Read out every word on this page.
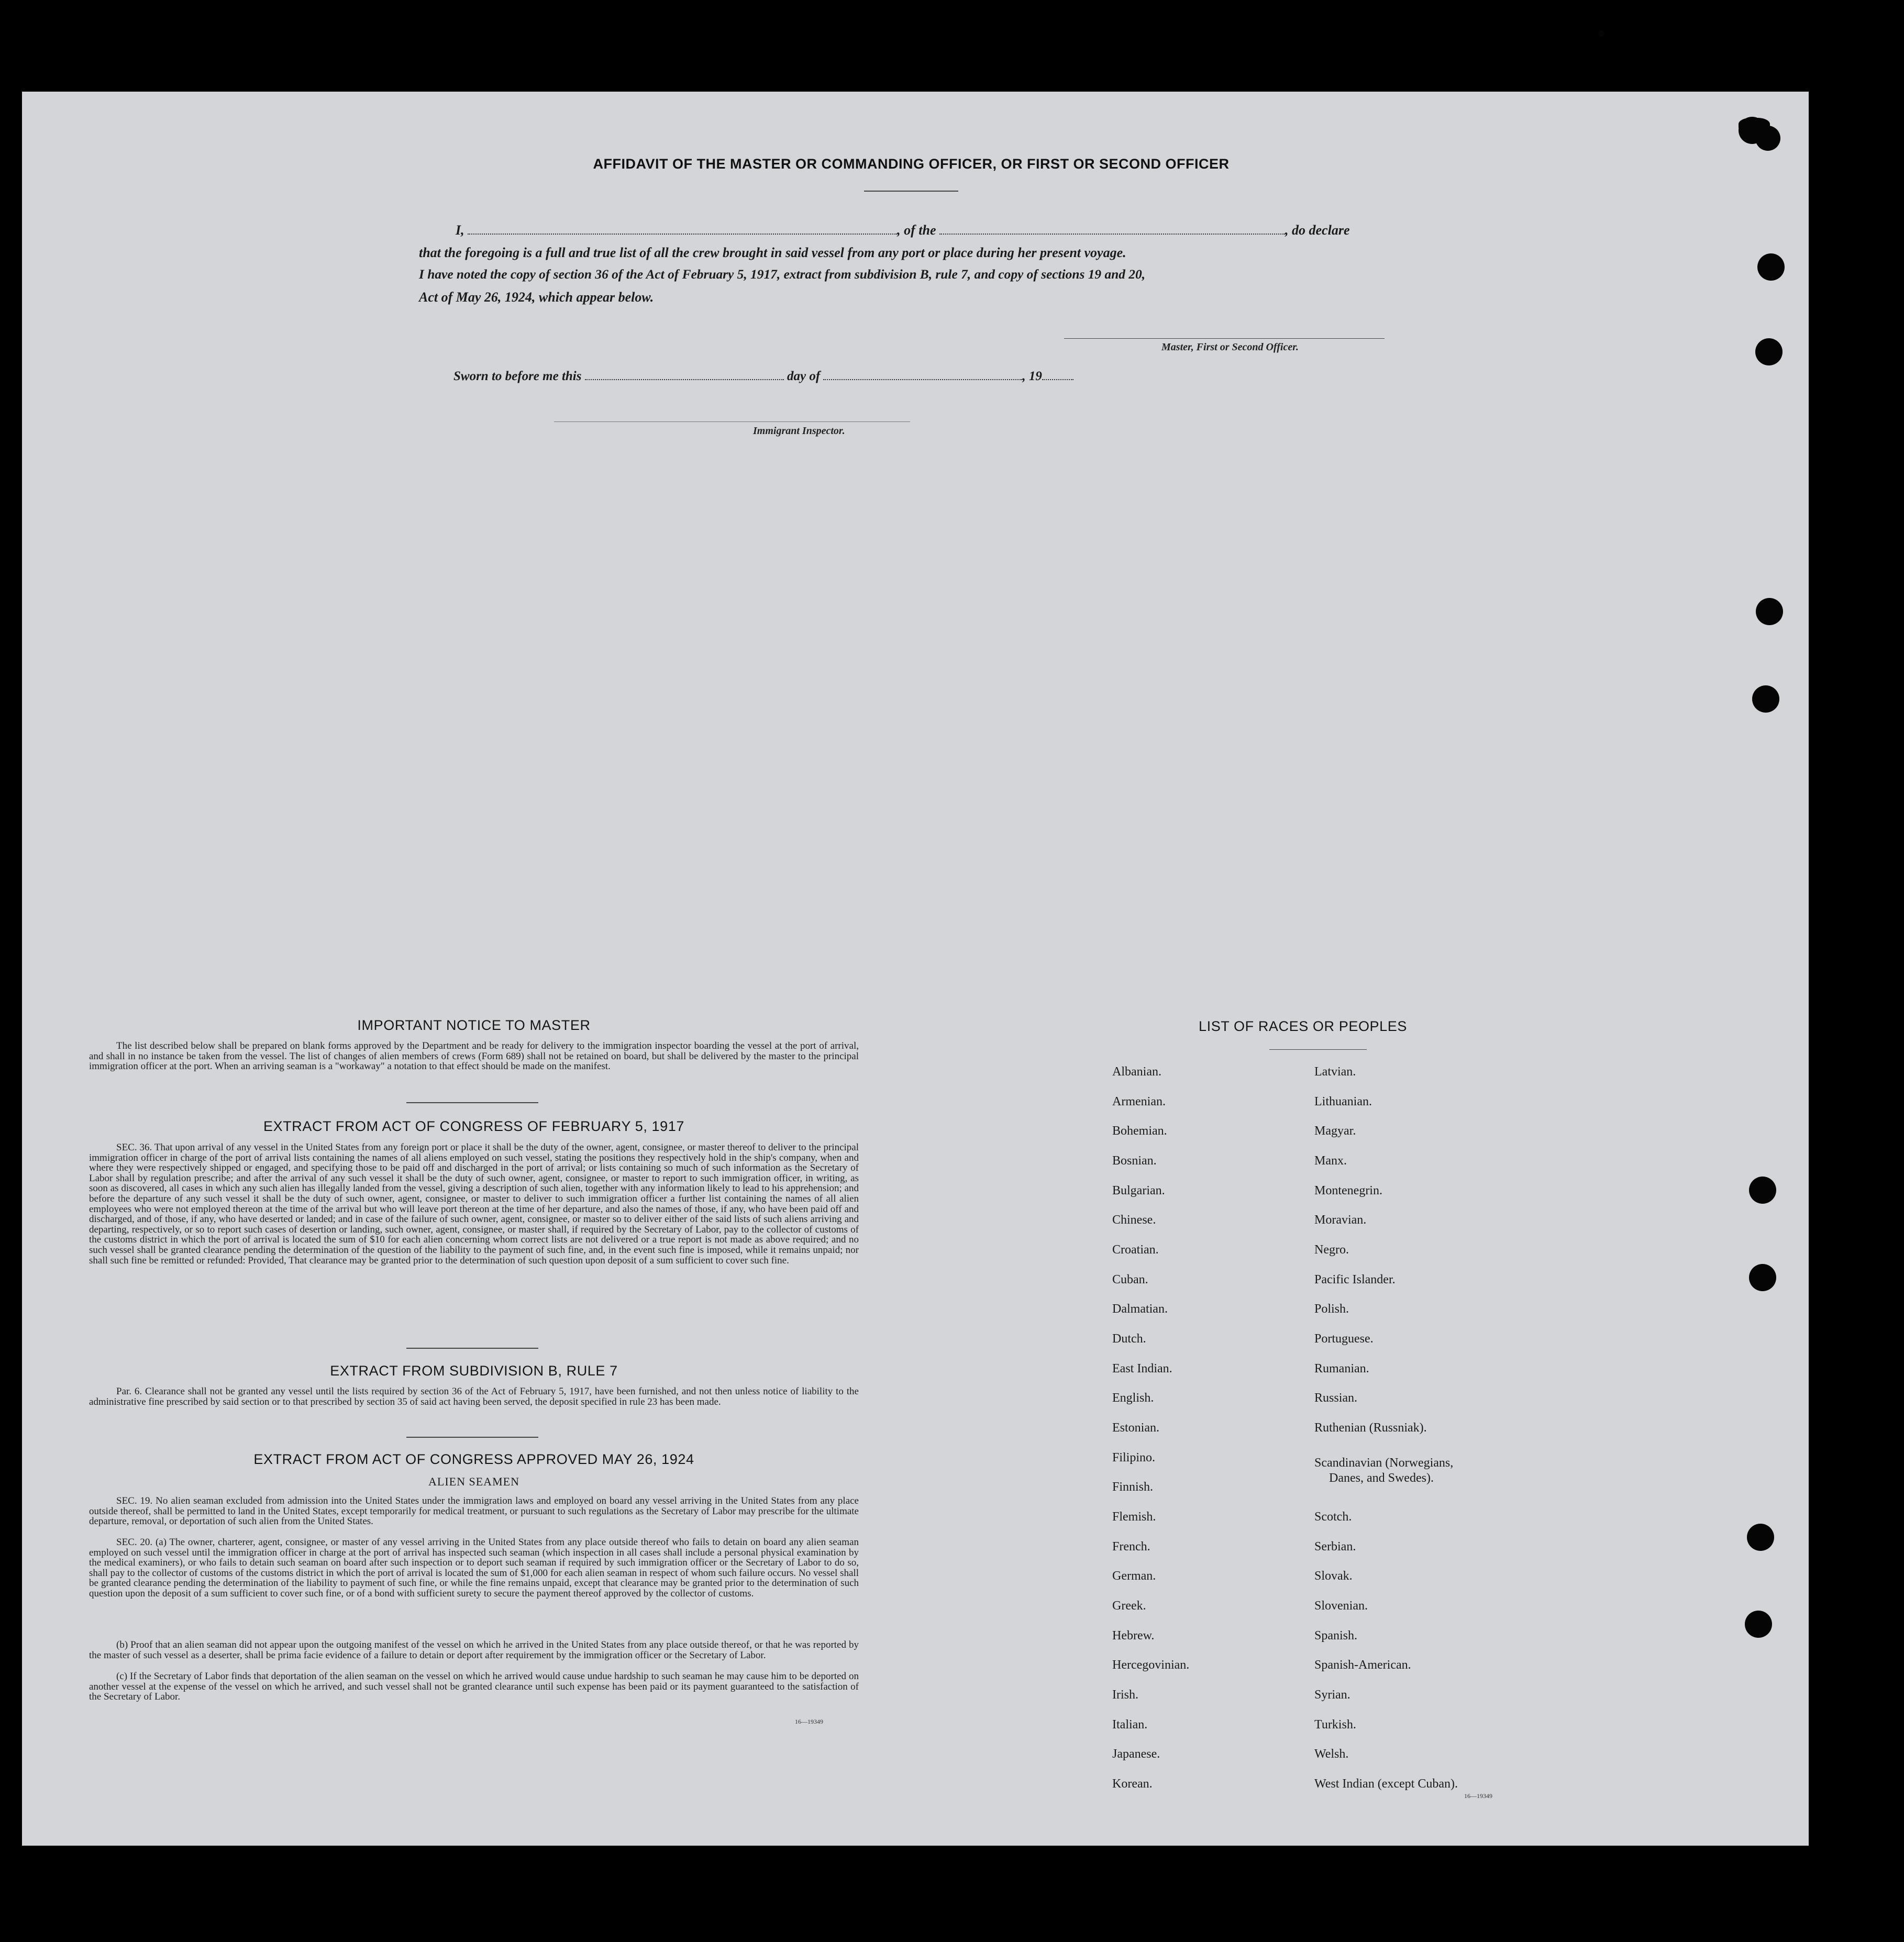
AFFIDAVIT OF THE MASTER OR COMMANDING OFFICER, OR FIRST OR SECOND OFFICER
I,	, of the	, do declare
that the foregoing is a full and true list of all the crew brought in said vessel from any port or place during her present voyage.
I have noted the copy of section 36 of the Act of February 5, 1917, extract from subdivision B, rule 7, and copy of sections 19 and 20,
Act of May 26, 1924, which appear below.
Master, First or Second Officer.
Sworn to before me this	day of	, 19
Immigrant Inspector.
IMPORTANT NOTICE TO MASTER
The list described below shall be prepared on blank forms approved by the Department and be ready for delivery to the immigration inspector boarding the vessel at the port of arrival, and shall in no instance be taken from the vessel. The list of changes of alien members of crews (Form 689) shall not be retained on board, but shall be delivered by the master to the principal immigration officer at the port. When an arriving seaman is a "workaway" a notation to that effect should be made on the manifest.
EXTRACT FROM ACT OF CONGRESS OF FEBRUARY 5, 1917
SEC. 36. That upon arrival of any vessel in the United States from any foreign port or place it shall be the duty of the owner, agent, consignee, or master thereof to deliver to the principal immigration officer in charge of the port of arrival lists containing the names of all aliens employed on such vessel, stating the positions they respectively hold in the ship's company, when and where they were respectively shipped or engaged, and specifying those to be paid off and discharged in the port of arrival; or lists containing so much of such information as the Secretary of Labor shall by regulation prescribe; and after the arrival of any such vessel it shall be the duty of such owner, agent, consignee, or master to report to such immigration officer, in writing, as soon as discovered, all cases in which any such alien has illegally landed from the vessel, giving a description of such alien, together with any information likely to lead to his apprehension; and before the departure of any such vessel it shall be the duty of such owner, agent, consignee, or master to deliver to such immigration officer a further list containing the names of all alien employees who were not employed thereon at the time of the arrival but who will leave port thereon at the time of her departure, and also the names of those, if any, who have been paid off and discharged, and of those, if any, who have deserted or landed; and in case of the failure of such owner, agent, consignee, or master so to deliver either of the said lists of such aliens arriving and departing, respectively, or so to report such cases of desertion or landing, such owner, agent, consignee, or master shall, if required by the Secretary of Labor, pay to the collector of customs of the customs district in which the port of arrival is located the sum of $10 for each alien concerning whom correct lists are not delivered or a true report is not made as above required; and no such vessel shall be granted clearance pending the determination of the question of the liability to the payment of such fine, and, in the event such fine is imposed, while it remains unpaid; nor shall such fine be remitted or refunded: Provided, That clearance may be granted prior to the determination of such question upon deposit of a sum sufficient to cover such fine.
EXTRACT FROM SUBDIVISION B, RULE 7
Par. 6. Clearance shall not be granted any vessel until the lists required by section 36 of the Act of February 5, 1917, have been furnished, and not then unless notice of liability to the administrative fine prescribed by said section or to that prescribed by section 35 of said act having been served, the deposit specified in rule 23 has been made.
EXTRACT FROM ACT OF CONGRESS APPROVED MAY 26, 1924
ALIEN SEAMEN
SEC. 19. No alien seaman excluded from admission into the United States under the immigration laws and employed on board any vessel arriving in the United States from any place outside thereof, shall be permitted to land in the United States, except temporarily for medical treatment, or pursuant to such regulations as the Secretary of Labor may prescribe for the ultimate departure, removal, or deportation of such alien from the United States.
SEC. 20. (a) The owner, charterer, agent, consignee, or master of any vessel arriving in the United States from any place outside thereof who fails to detain on board any alien seaman employed on such vessel until the immigration officer in charge at the port of arrival has inspected such seaman (which inspection in all cases shall include a personal physical examination by the medical examiners), or who fails to detain such seaman on board after such inspection or to deport such seaman if required by such immigration officer or the Secretary of Labor to do so, shall pay to the collector of customs of the customs district in which the port of arrival is located the sum of $1,000 for each alien seaman in respect of whom such failure occurs. No vessel shall be granted clearance pending the determination of the liability to payment of such fine, or while the fine remains unpaid, except that clearance may be granted prior to the determination of such question upon the deposit of a sum sufficient to cover such fine, or of a bond with sufficient surety to secure the payment thereof approved by the collector of customs.
(b) Proof that an alien seaman did not appear upon the outgoing manifest of the vessel on which he arrived in the United States from any place outside thereof, or that he was reported by the master of such vessel as a deserter, shall be prima facie evidence of a failure to detain or deport after requirement by the immigration officer or the Secretary of Labor.
(c) If the Secretary of Labor finds that deportation of the alien seaman on the vessel on which he arrived would cause undue hardship to such seaman he may cause him to be deported on another vessel at the expense of the vessel on which he arrived, and such vessel shall not be granted clearance until such expense has been paid or its payment guaranteed to the satisfaction of the Secretary of Labor.
16—19349
LIST OF RACES OR PEOPLES
Albanian.
Armenian.
Bohemian.
Bosnian.
Bulgarian.
Chinese.
Croatian.
Cuban.
Dalmatian.
Dutch.
East Indian.
English.
Estonian.
Filipino.
Finnish.
Flemish.
French.
German.
Greek.
Hebrew.
Hercegovinian.
Irish.
Italian.
Japanese.
Korean.
Latvian.
Lithuanian.
Magyar.
Manx.
Montenegrin.
Moravian.
Negro.
Pacific Islander.
Polish.
Portuguese.
Rumanian.
Russian.
Ruthenian (Russniak).
Scandinavian (Norwegians,
Danes, and Swedes).
Scotch.
Serbian.
Slovak.
Slovenian.
Spanish.
Spanish-American.
Syrian.
Turkish.
Welsh.
West Indian (except Cuban).
16—19349
